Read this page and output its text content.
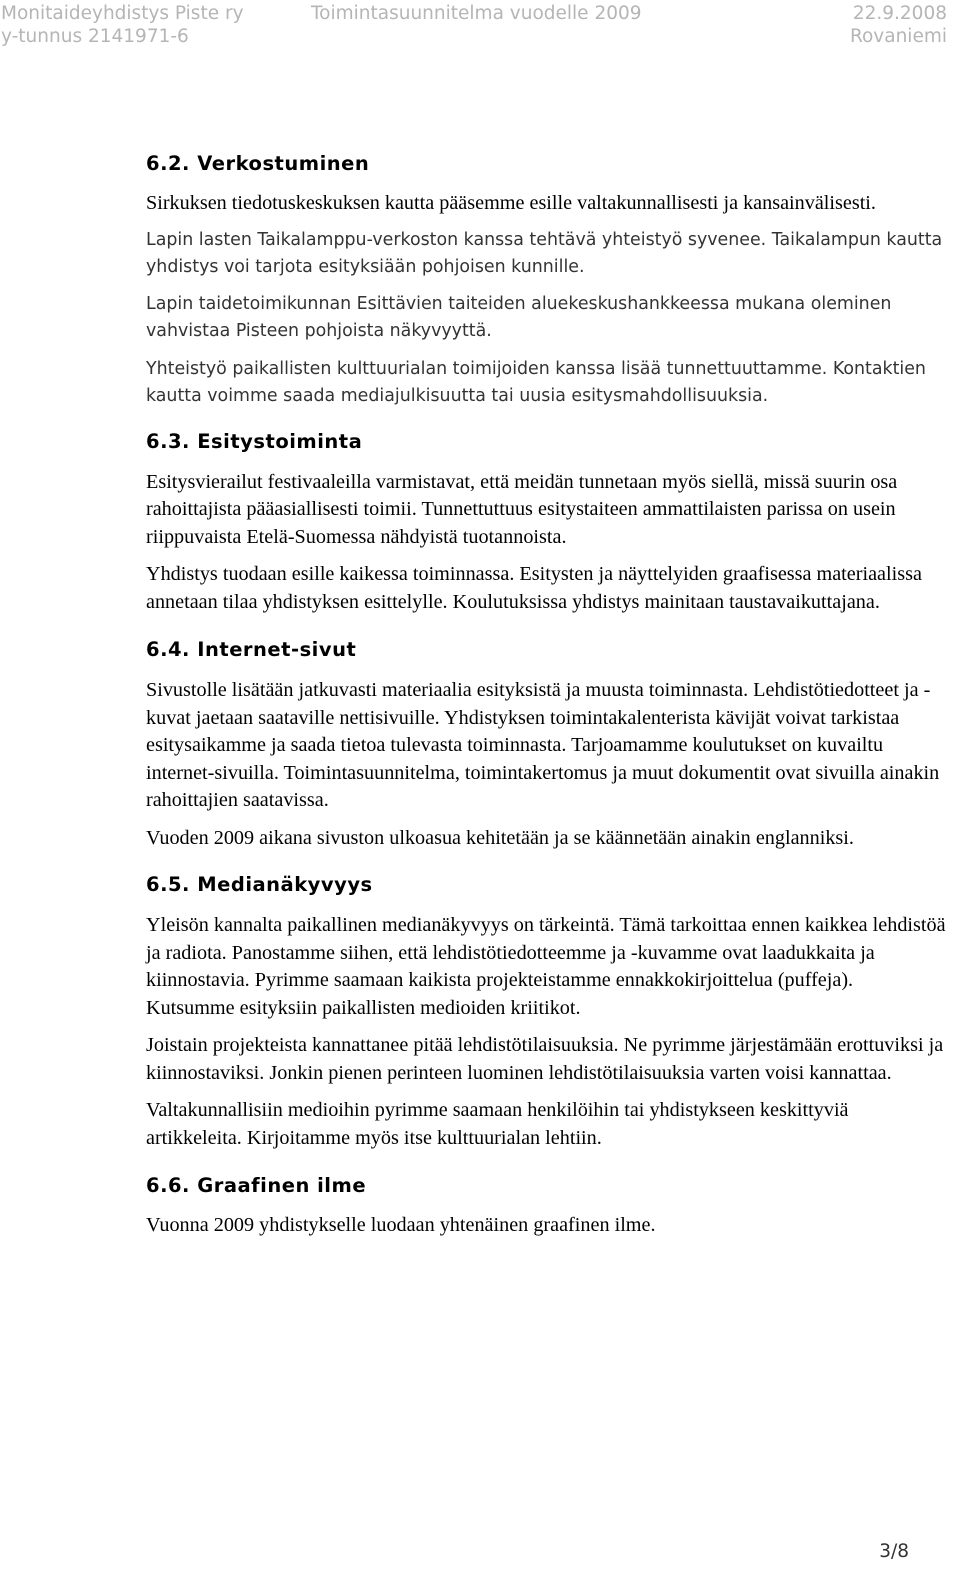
Monitaideyhdistys Piste ry	Toimintasuunnitelma vuodelle 2009	22.9.2008
y-tunnus 2141971-6	Rovaniemi
6.2. Verkostuminen

Sirkuksen tiedotuskeskuksen kautta pääsemme esille valtakunnallisesti ja kansainvälisesti.

Lapin lasten Taikalamppu-verkoston kanssa tehtävä yhteistyö syvenee. Taikalampun kautta yhdistys voi tarjota esityksiään pohjoisen kunnille.

Lapin taidetoimikunnan Esittävien taiteiden aluekeskushankkeessa mukana oleminen vahvistaa Pisteen pohjoista näkyvyyttä.

Yhteistyö paikallisten kulttuurialan toimijoiden kanssa lisää tunnettuuttamme. Kontaktien kautta voimme saada mediajulkisuutta tai uusia esitysmahdollisuuksia.

6.3. Esitystoiminta

Esitysvierailut festivaaleilla varmistavat, että meidän tunnetaan myös siellä, missä suurin osa rahoittajista pääasiallisesti toimii. Tunnettuttuus esitystaiteen ammattilaisten parissa on usein riippuvaista Etelä-Suomessa nähdyistä tuotannoista.

Yhdistys tuodaan esille kaikessa toiminnassa. Esitysten ja näyttelyiden graafisessa materiaalissa annetaan tilaa yhdistyksen esittelylle. Koulutuksissa yhdistys mainitaan taustavaikuttajana.

6.4. Internet-sivut

Sivustolle lisätään jatkuvasti materiaalia esityksistä ja muusta toiminnasta. Lehdistötiedotteet ja -kuvat jaetaan saataville nettisivuille. Yhdistyksen toimintakalenterista kävijät voivat tarkistaa esitysaikamme ja saada tietoa tulevasta toiminnasta. Tarjoamamme koulutukset on kuvailtu internet-sivuilla. Toimintasuunnitelma, toimintakertomus ja muut dokumentit ovat sivuilla ainakin rahoittajien saatavissa.

Vuoden 2009 aikana sivuston ulkoasua kehitetään ja se käännetään ainakin englanniksi.

6.5. Medianäkyvyys

Yleisön kannalta paikallinen medianäkyvyys on tärkeintä. Tämä tarkoittaa ennen kaikkea lehdistöä ja radiota. Panostamme siihen, että lehdistötiedotteemme ja -kuvamme ovat laadukkaita ja kiinnostavia. Pyrimme saamaan kaikista projekteistamme ennakkokirjoittelua (puffeja). Kutsumme esityksiin paikallisten medioiden kriitikot.

Joistain projekteista kannattanee pitää lehdistötilaisuuksia. Ne pyrimme järjestämään erottuviksi ja kiinnostaviksi. Jonkin pienen perinteen luominen lehdistötilaisuuksia varten voisi kannattaa.

Valtakunnallisiin medioihin pyrimme saamaan henkilöihin tai yhdistykseen keskittyviä artikkeleita. Kirjoitamme myös itse kulttuurialan lehtiin.

6.6. Graafinen ilme

Vuonna 2009 yhdistykselle luodaan yhtenäinen graafinen ilme.

3/8
